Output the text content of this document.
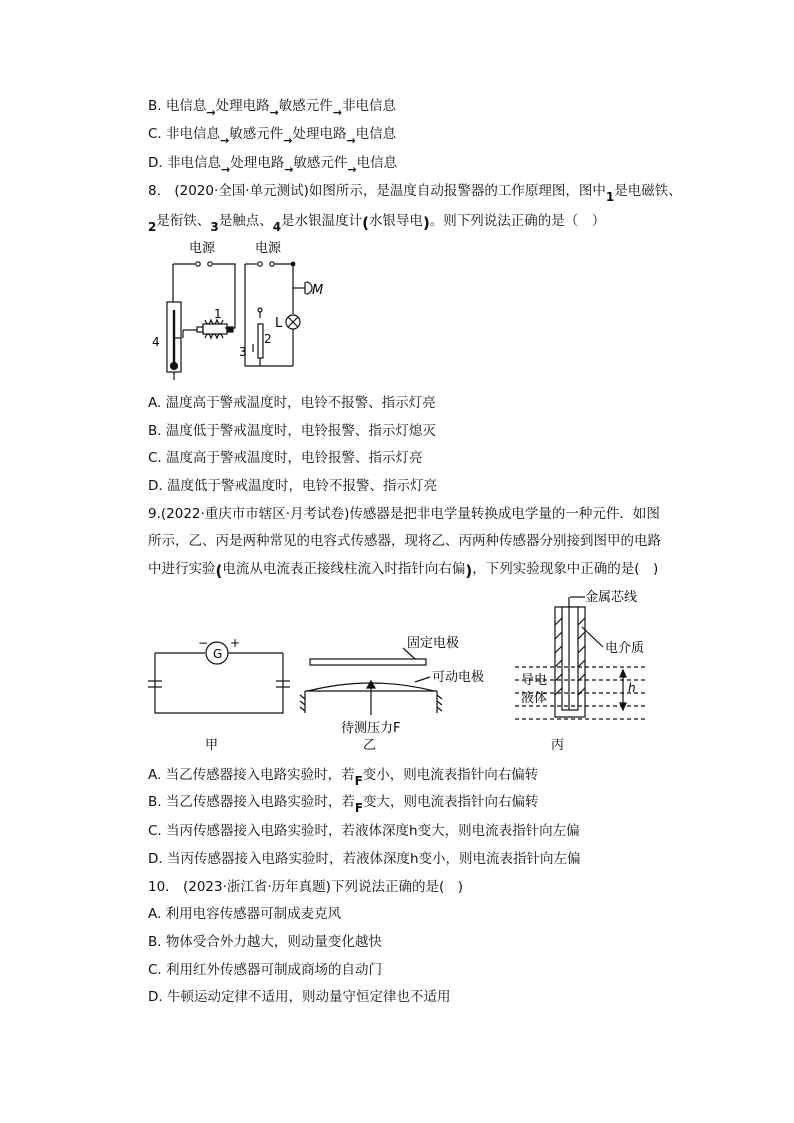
B. 电信息$_\to$处理电路$_\to$敏感元件$_\to$非电信息
C. 非电信息$_\to$敏感元件$_\to$处理电路$_\to$电信息
D. 非电信息$_\to$处理电路$_\to$敏感元件$_\to$电信息
8.　(2020·全国·单元测试)如图所示，是温度自动报警器的工作原理图，图中1是电磁铁、
2是衔铁、3是触点、4是水银温度计(水银导电)。则下列说法正确的是（　）
电源	电源
M
L
1
2
3
4
A. 温度高于警戒温度时，电铃不报警、指示灯亮
B. 温度低于警戒温度时，电铃报警、指示灯熄灭
C. 温度高于警戒温度时，电铃报警、指示灯亮
D. 温度低于警戒温度时，电铃不报警、指示灯亮
9.(2022·重庆市市辖区·月考试卷)传感器是把非电学量转换成电学量的一种元件．如图
所示，乙、丙是两种常见的电容式传感器，现将乙、丙两种传感器分别接到图甲的电路
中进行实验(电流从电流表正接线柱流入时指针向右偏)，下列实验现象中正确的是(　)
G
− +	固定电极
可动电极
待测压力F
金属芯线
电介质
导电
液体
h
甲	乙	丙
A. 当乙传感器接入电路实验时，若F变小，则电流表指针向右偏转
B. 当乙传感器接入电路实验时，若F变大，则电流表指针向右偏转
C. 当丙传感器接入电路实验时，若液体深度h变大，则电流表指针向左偏
D. 当丙传感器接入电路实验时，若液体深度h变小，则电流表指针向左偏
10.　(2023·浙江省·历年真题)下列说法正确的是(　)
A. 利用电容传感器可制成麦克风
B. 物体受合外力越大，则动量变化越快
C. 利用红外传感器可制成商场的自动门
D. 牛顿运动定律不适用，则动量守恒定律也不适用
